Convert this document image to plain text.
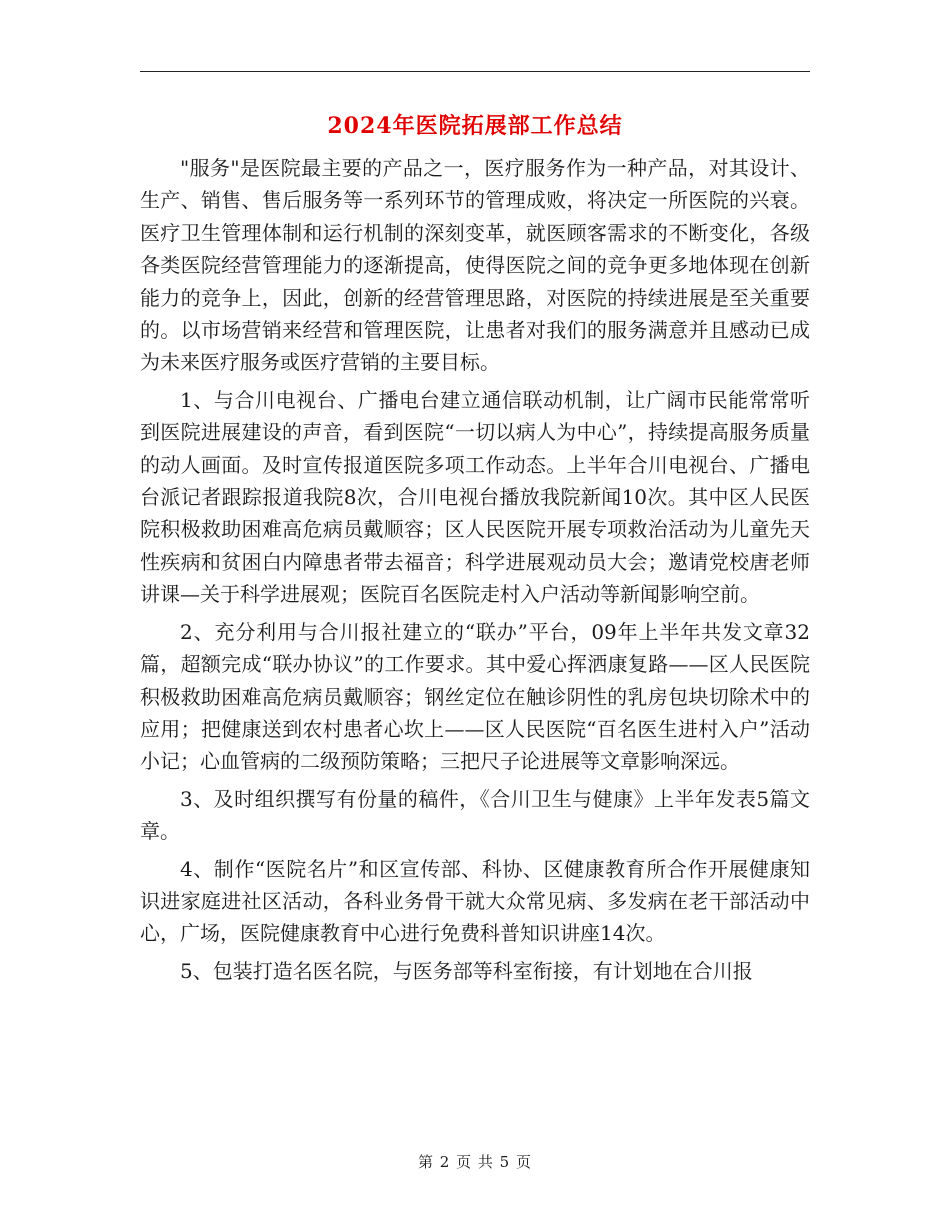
2024年医院拓展部工作总结

"服务"是医院最主要的产品之一，医疗服务作为一种产品，对其设计、生产、销售、售后服务等一系列环节的管理成败，将决定一所医院的兴衰。医疗卫生管理体制和运行机制的深刻变革，就医顾客需求的不断变化，各级各类医院经营管理能力的逐渐提高，使得医院之间的竞争更多地体现在创新能力的竞争上，因此，创新的经营管理思路，对医院的持续进展是至关重要的。以市场营销来经营和管理医院，让患者对我们的服务满意并且感动已成为未来医疗服务或医疗营销的主要目标。

1、与合川电视台、广播电台建立通信联动机制，让广阔市民能常常听到医院进展建设的声音，看到医院“一切以病人为中心”，持续提高服务质量的动人画面。及时宣传报道医院多项工作动态。上半年合川电视台、广播电台派记者跟踪报道我院8次，合川电视台播放我院新闻10次。其中区人民医院积极救助困难高危病员戴顺容；区人民医院开展专项救治活动为儿童先天性疾病和贫困白内障患者带去福音；科学进展观动员大会；邀请党校唐老师讲课—关于科学进展观；医院百名医院走村入户活动等新闻影响空前。

2、充分利用与合川报社建立的“联办”平台，09年上半年共发文章32篇，超额完成“联办协议”的工作要求。其中爱心挥洒康复路——区人民医院积极救助困难高危病员戴顺容；钢丝定位在触诊阴性的乳房包块切除术中的应用；把健康送到农村患者心坎上——区人民医院“百名医生进村入户”活动小记；心血管病的二级预防策略；三把尺子论进展等文章影响深远。

3、及时组织撰写有份量的稿件，《合川卫生与健康》上半年发表5篇文章。

4、制作“医院名片”和区宣传部、科协、区健康教育所合作开展健康知识进家庭进社区活动，各科业务骨干就大众常见病、多发病在老干部活动中心，广场，医院健康教育中心进行免费科普知识讲座14次。

5、包装打造名医名院，与医务部等科室衔接，有计划地在合川报

第 2 页 共 5 页
